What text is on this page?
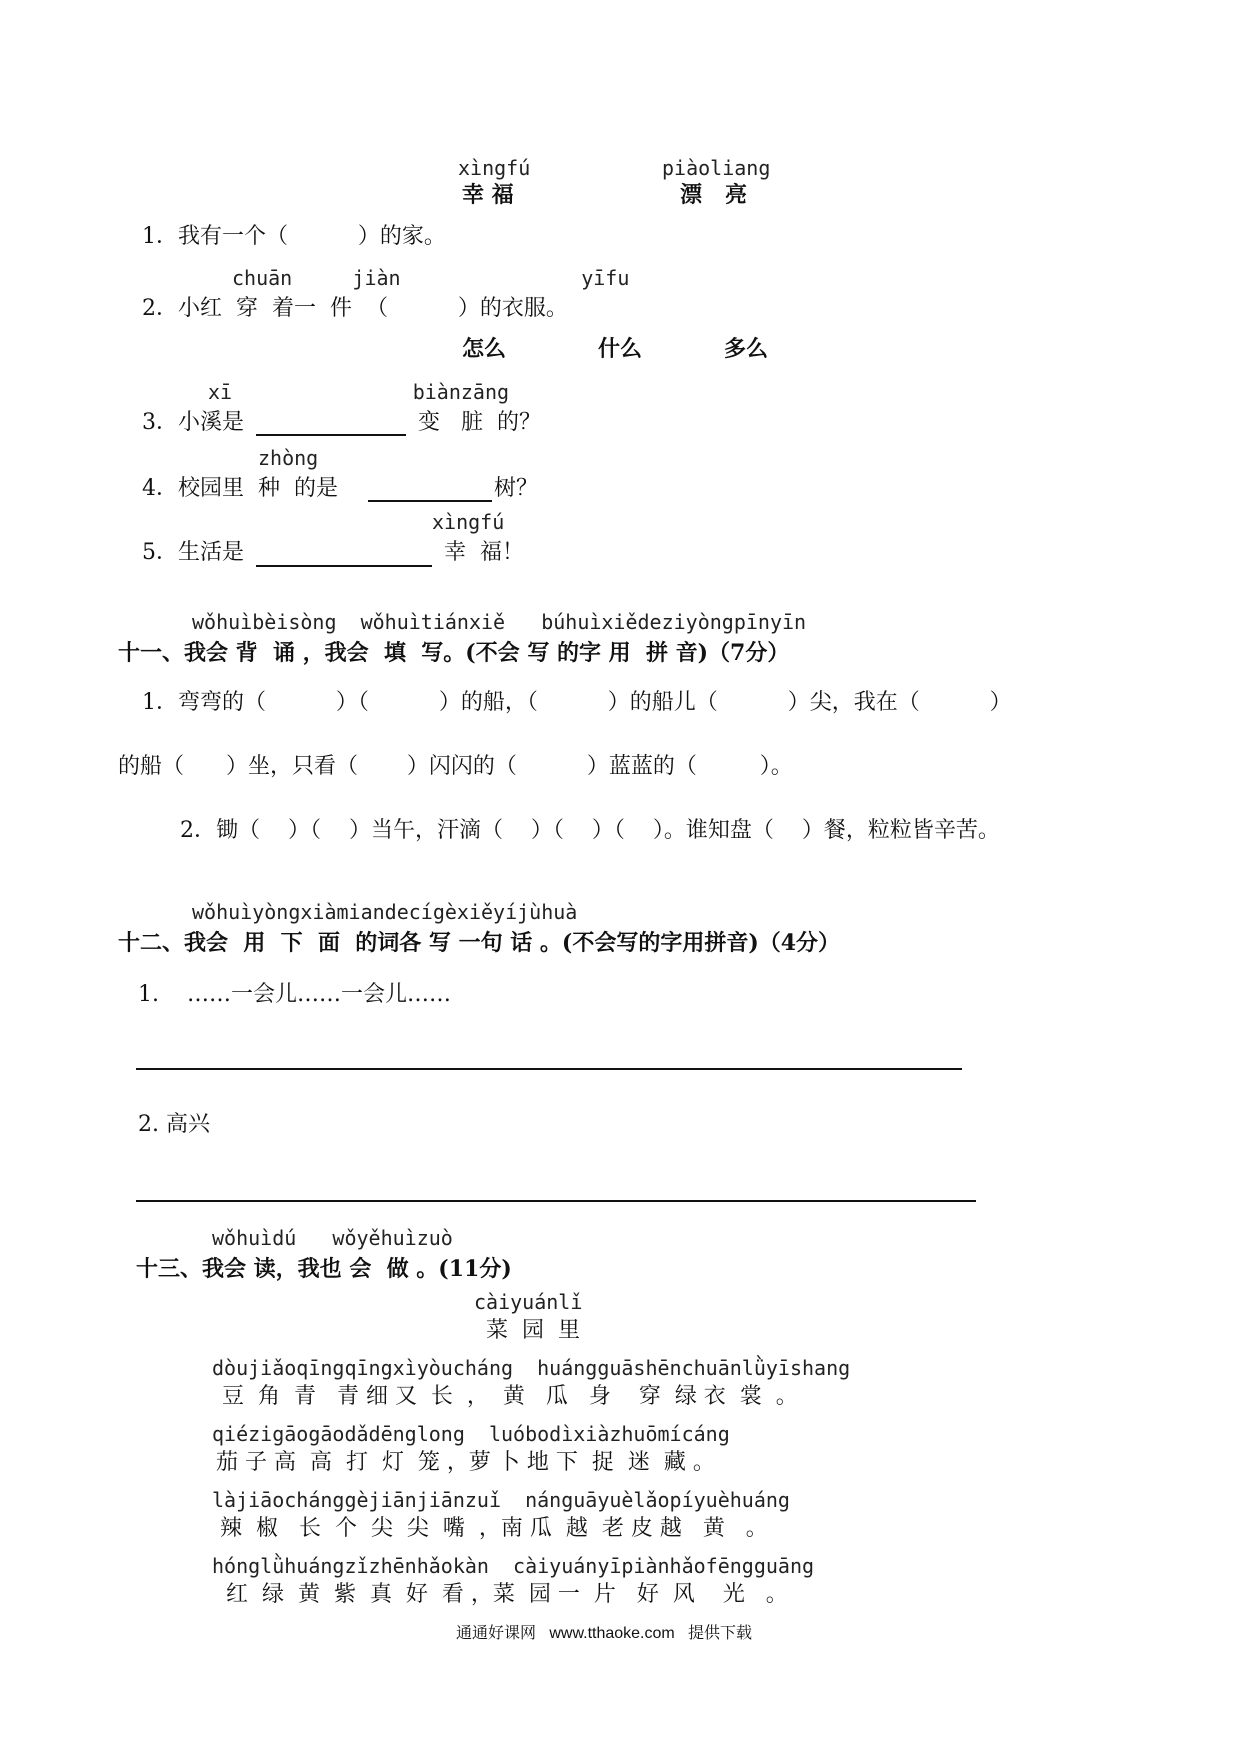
xìngfú
幸 福
piàoliang
漂   亮
1．我有一个（          ）的家。
chuān     jiàn               yīfu
2．小红  穿  着一  件  （          ）的衣服。
怎么	什么	多么
xī               biànzāng
3．小溪是	变   脏  的？
zhòng
4．校园里  种  的是	树？
xìngfú
5．生活是	幸  福！
wǒhuìbèisòng  wǒhuìtiánxiě   búhuìxiědeziyòngpīnyīn
十一、我会 背  诵 ，我会  填  写。(不会 写 的字 用  拼 音)（7分）
1．弯弯的（          ）（          ）的船，（          ）的船儿（          ）尖，我在（          ）
的船（      ）坐，只看（       ）闪闪的（          ）蓝蓝的（         ）。
2．锄（    ）（    ）当午，汗滴（    ）（    ）（    ）。谁知盘（    ）餐，粒粒皆辛苦。
wǒhuìyòngxiàmiandecígèxiěyíjùhuà
十二、我会  用  下  面  的词各 写 一句 话 。(不会写的字用拼音)（4分）
1.    ……一会儿……一会儿……
2. 高兴
wǒhuìdú   wǒyěhuìzuò
十三、我会 读，我也 会  做 。(11分)
càiyuánlǐ
菜  园  里
dòujiǎoqīngqīngxìyòucháng  huángguāshēnchuānlǜyīshang
豆  角  青   青 细 又  长  ，  黄   瓜   身    穿  绿 衣  裳  。
qiézigāogāodǎdēnglong  luóbodìxiàzhuōmícáng
茄 子 高  高  打  灯  笼 ，萝 卜 地 下  捉  迷  藏 。
làjiāochánggèjiānjiānzuǐ  nánguāyuèlǎopíyuèhuáng
辣  椒   长  个  尖  尖  嘴  ，南 瓜  越  老 皮 越   黄   。
hónglǜhuángzǐzhēnhǎokàn  càiyuányīpiànhǎofēngguāng
红  绿  黄  紫  真  好  看 ，菜  园 一  片   好  风    光   。
通通好课网   www.tthaoke.com   提供下载
